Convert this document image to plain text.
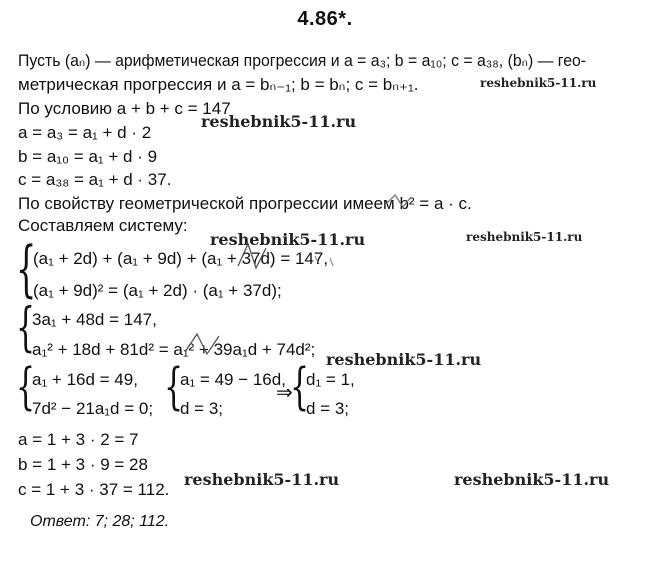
4.86*.
Пусть (aₙ) — арифметическая прогрессия и a = a₃; b = a₁₀; c = a₃₈, (bₙ) — гео-
метрическая прогрессия и a = bₙ₋₁; b = bₙ; c = bₙ₊₁.
По условию a + b + c = 147
a = a₃ = a₁ + d · 2
b = a₁₀ = a₁ + d · 9
c = a₃₈ = a₁ + d · 37.
По свойству геометрической прогрессии имеем b² = a · c.
Составляем систему:
{
(a₁ + 2d) + (a₁ + 9d) + (a₁ + 37d) = 147,
(a₁ + 9d)² = (a₁ + 2d) · (a₁ + 37d);
{
3a₁ + 48d = 147,
a₁² + 18d + 81d² = a₁² + 39a₁d + 74d²;
{
a₁ + 16d = 49,
7d² − 21a₁d = 0; {
a₁ = 49 − 16d,
d = 3;
⇒
{
d₁ = 1,
d = 3;
a = 1 + 3 · 2 = 7
b = 1 + 3 · 9 = 28
c = 1 + 3 · 37 = 112.
Ответ: 7; 28; 112.
reshebnik5-11.ru
reshebnik5-11.ru
reshebnik5-11.ru	reshebnik5-11.ru
reshebnik5-11.ru
reshebnik5-11.ru	reshebnik5-11.ru
